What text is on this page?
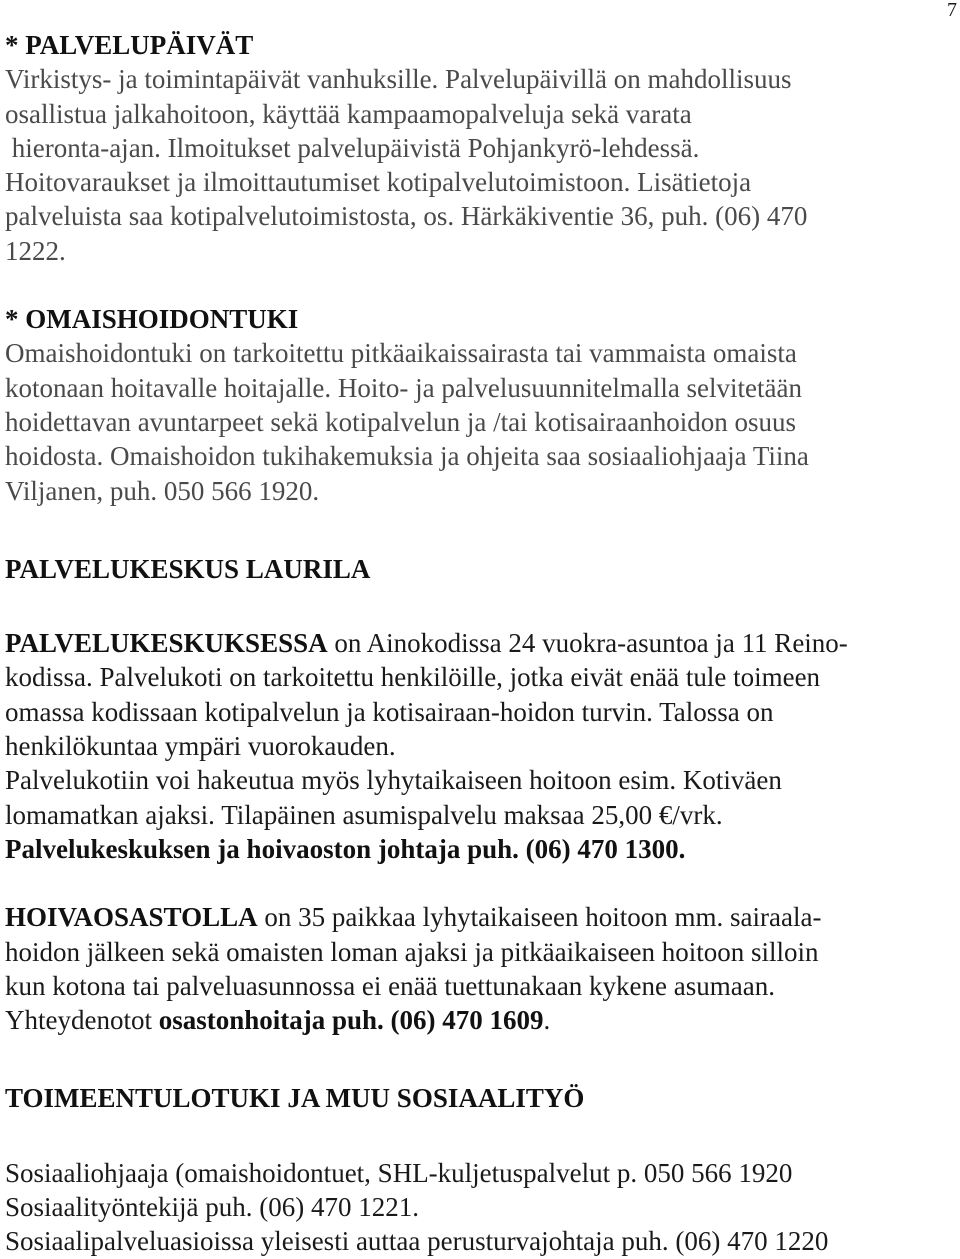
7
* PALVELUPÄIVÄT
Virkistys- ja toimintapäivät vanhuksille. Palvelupäivillä on mahdollisuus
osallistua jalkahoitoon, käyttää kampaamopalveluja sekä varata
hieronta-ajan. Ilmoitukset palvelupäivistä Pohjankyrö-lehdessä.
Hoitovaraukset ja ilmoittautumiset kotipalvelutoimistoon. Lisätietoja
palveluista saa kotipalvelutoimistosta, os. Härkäkiventie 36, puh. (06) 470
1222.
* OMAISHOIDONTUKI
Omaishoidontuki on tarkoitettu pitkäaikaissairasta tai vammaista omaista
kotonaan hoitavalle hoitajalle. Hoito- ja palvelusuunnitelmalla selvitetään
hoidettavan avuntarpeet sekä kotipalvelun ja /tai kotisairaanhoidon osuus
hoidosta. Omaishoidon tukihakemuksia ja ohjeita saa sosiaaliohjaaja Tiina
Viljanen, puh. 050 566 1920.
PALVELUKESKUS LAURILA
PALVELUKESKUKSESSA on Ainokodissa 24 vuokra-asuntoa ja 11 Reino-
kodissa. Palvelukoti on tarkoitettu henkilöille, jotka eivät enää tule toimeen
omassa kodissaan kotipalvelun ja kotisairaan-hoidon turvin. Talossa on
henkilökuntaa ympäri vuorokauden.
Palvelukotiin voi hakeutua myös lyhytaikaiseen hoitoon esim. Kotiväen
lomamatkan ajaksi. Tilapäinen asumispalvelu maksaa 25,00 €/vrk.
Palvelukeskuksen ja hoivaoston johtaja puh. (06) 470 1300.
HOIVAOSASTOLLA on 35 paikkaa lyhytaikaiseen hoitoon mm. sairaala-
hoidon jälkeen sekä omaisten loman ajaksi ja pitkäaikaiseen hoitoon silloin
kun kotona tai palveluasunnossa ei enää tuettunakaan kykene asumaan.
Yhteydenotot osastonhoitaja puh. (06) 470 1609.
TOIMEENTULOTUKI JA MUU SOSIAALITYÖ
Sosiaaliohjaaja (omaishoidontuet, SHL-kuljetuspalvelut p. 050 566 1920
Sosiaalityöntekijä puh. (06) 470 1221.
Sosiaalipalveluasioissa yleisesti auttaa perusturvajohtaja puh. (06) 470 1220
